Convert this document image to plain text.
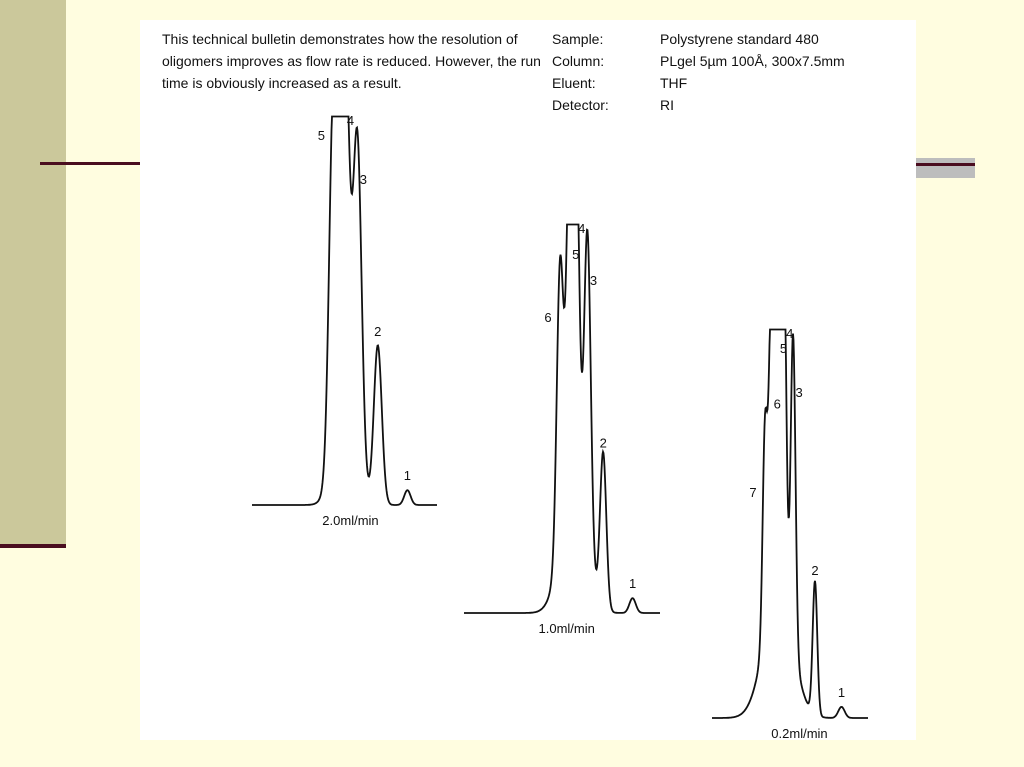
This technical bulletin demonstrates how the resolution of oligomers improves as flow rate is reduced. However, the run time is obviously increased as a result.
Sample:	Polystyrene standard 480
Column:	PLgel 5µm 100Å, 300x7.5mm
Eluent:	THF
Detector:	RI
5
4
3
2
1
2.0ml/min
6
5
4
3
2
1
1.0ml/min
7
6
5
4
3
2
1
0.2ml/min
